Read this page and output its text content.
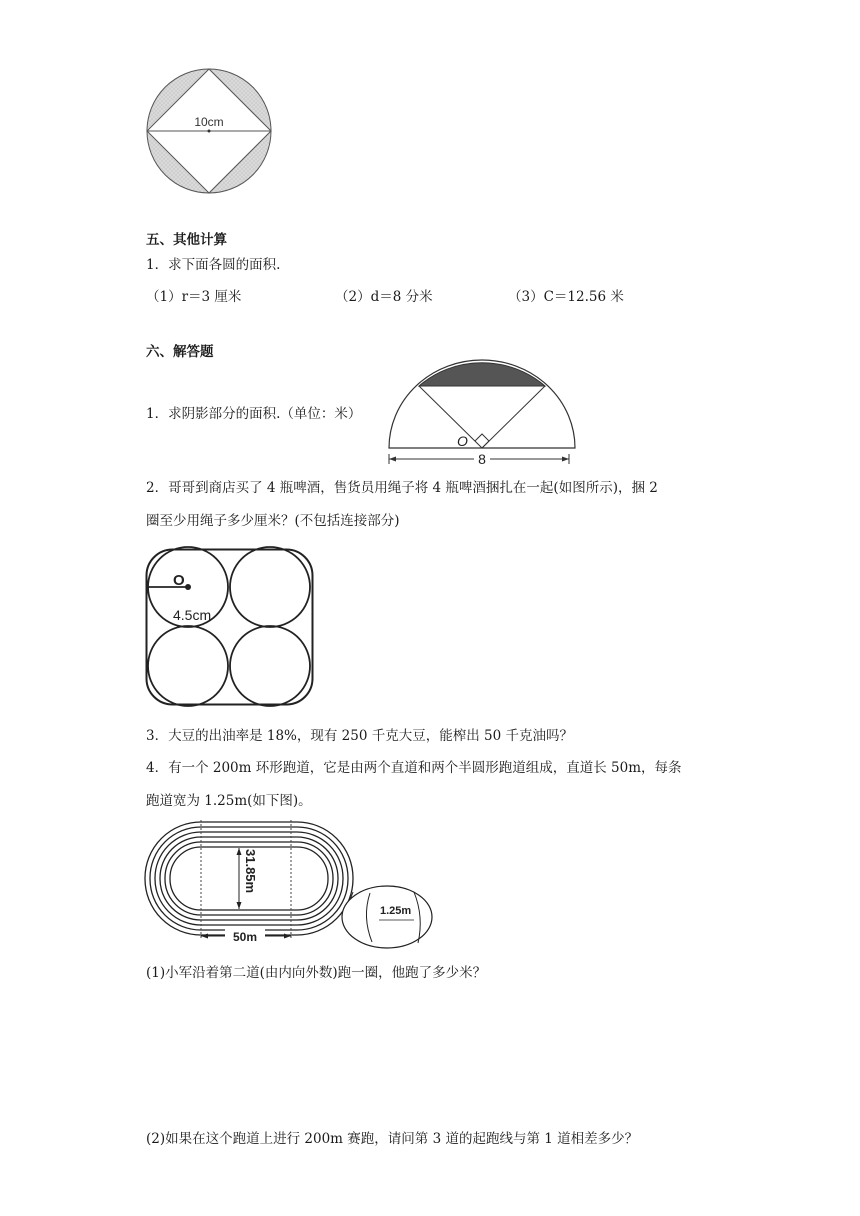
10cm
五、其他计算
1．求下面各圆的面积.
（1）r＝3 厘米	（2）d＝8 分米	（3）C＝12.56 米
六、解答题
1．求阴影部分的面积.（单位：米）
O
8
2．哥哥到商店买了 4 瓶啤酒，售货员用绳子将 4 瓶啤酒捆扎在一起(如图所示)，捆 2
圈至少用绳子多少厘米？(不包括连接部分)
O
4.5cm
3．大豆的出油率是 18%，现有 250 千克大豆，能榨出 50 千克油吗？
4．有一个 200m 环形跑道，它是由两个直道和两个半圆形跑道组成，直道长 50m，每条
跑道宽为 1.25m(如下图)。
31.85m
50m
1.25m
(1)小军沿着第二道(由内向外数)跑一圈，他跑了多少米？
(2)如果在这个跑道上进行 200m 赛跑，请问第 3 道的起跑线与第 1 道相差多少？
